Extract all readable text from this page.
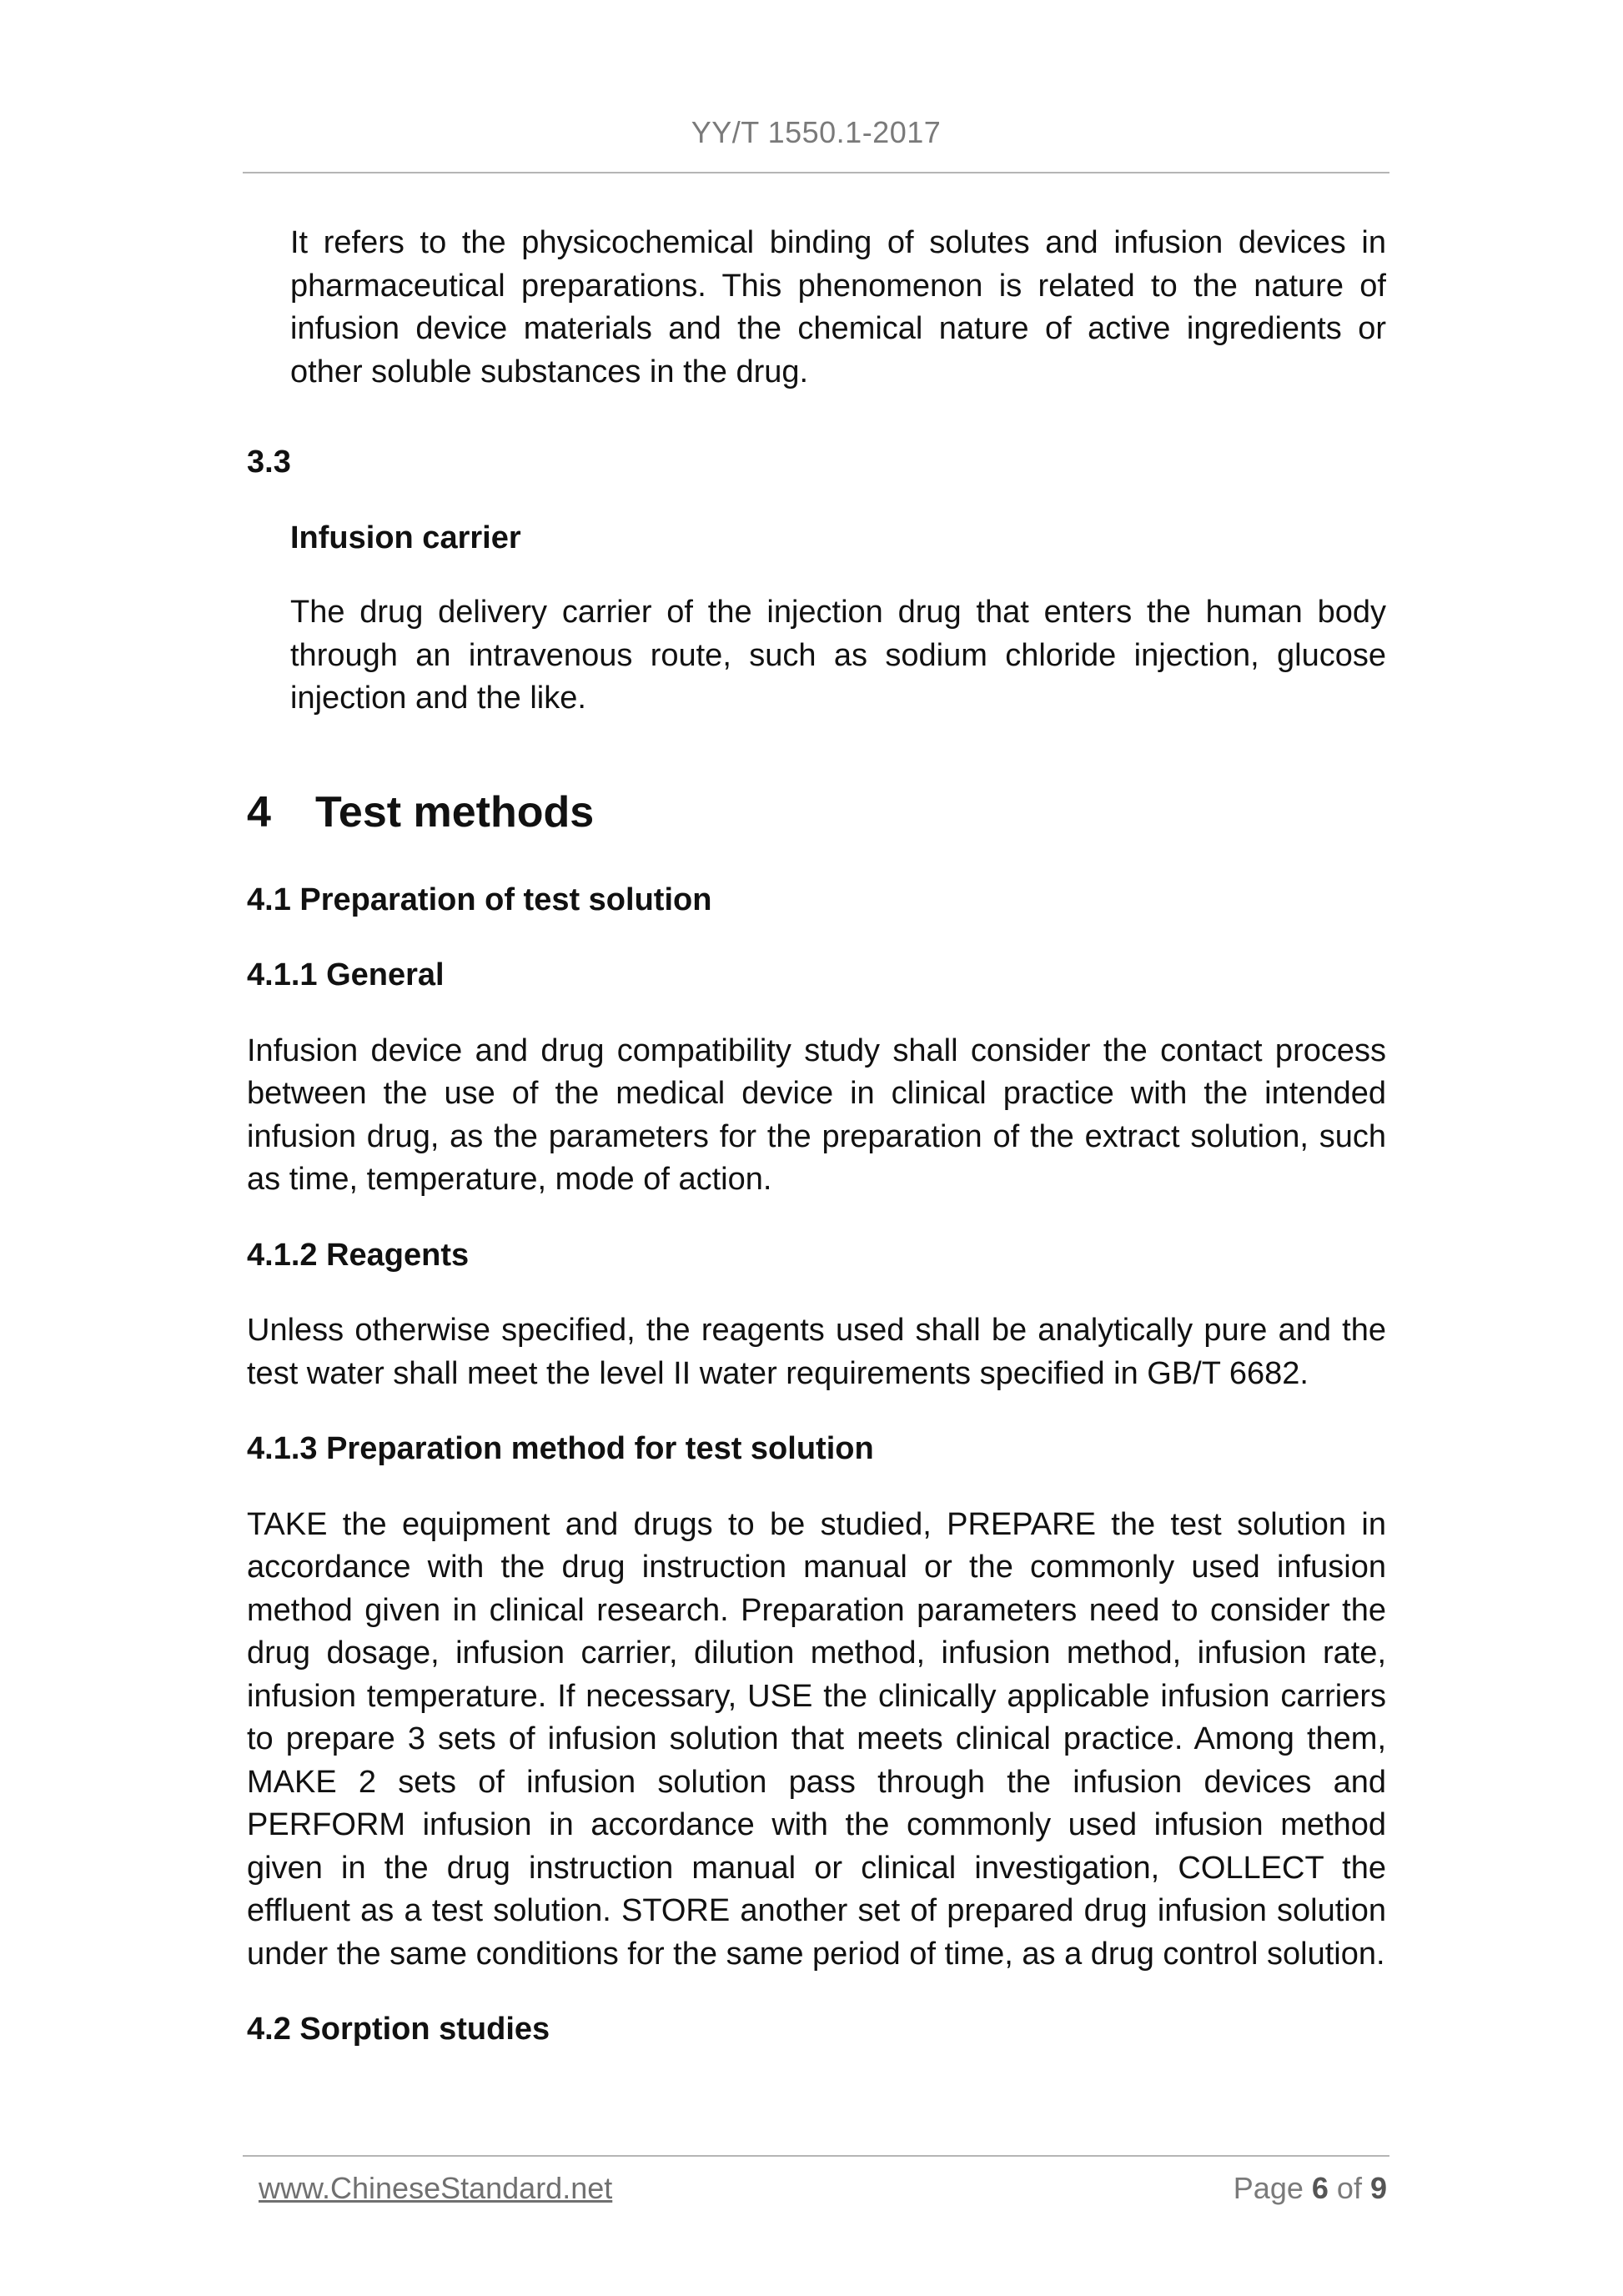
YY/T 1550.1-2017

It refers to the physicochemical binding of solutes and infusion devices in pharmaceutical preparations. This phenomenon is related to the nature of infusion device materials and the chemical nature of active ingredients or other soluble substances in the drug.

3.3

Infusion carrier

The drug delivery carrier of the injection drug that enters the human body through an intravenous route, such as sodium chloride injection, glucose injection and the like.

4 Test methods

4.1 Preparation of test solution

4.1.1 General

Infusion device and drug compatibility study shall consider the contact process between the use of the medical device in clinical practice with the intended infusion drug, as the parameters for the preparation of the extract solution, such as time, temperature, mode of action.

4.1.2 Reagents

Unless otherwise specified, the reagents used shall be analytically pure and the test water shall meet the level II water requirements specified in GB/T 6682.

4.1.3 Preparation method for test solution

TAKE the equipment and drugs to be studied, PREPARE the test solution in accordance with the drug instruction manual or the commonly used infusion method given in clinical research. Preparation parameters need to consider the drug dosage, infusion carrier, dilution method, infusion method, infusion rate, infusion temperature. If necessary, USE the clinically applicable infusion carriers to prepare 3 sets of infusion solution that meets clinical practice. Among them, MAKE 2 sets of infusion solution pass through the infusion devices and PERFORM infusion in accordance with the commonly used infusion method given in the drug instruction manual or clinical investigation, COLLECT the effluent as a test solution. STORE another set of prepared drug infusion solution under the same conditions for the same period of time, as a drug control solution.

4.2 Sorption studies

www.ChineseStandard.net	Page 6 of 9
